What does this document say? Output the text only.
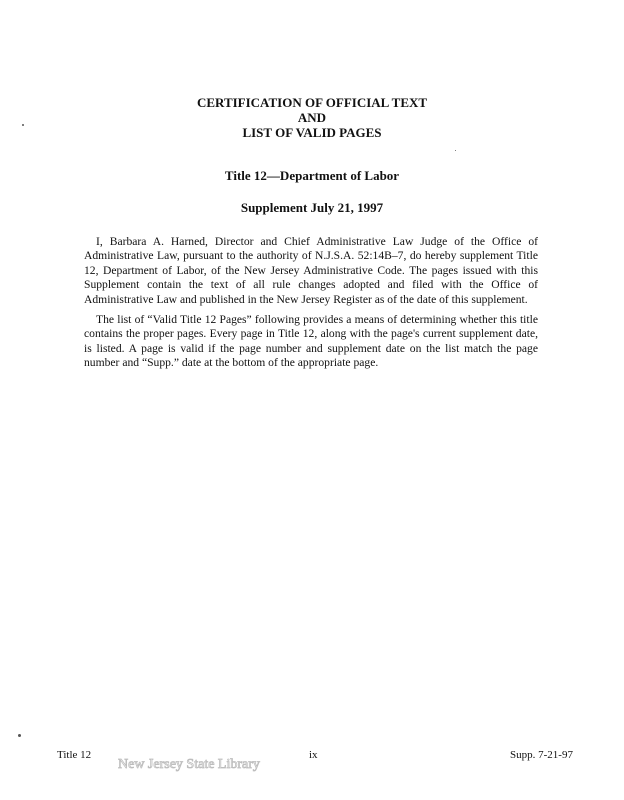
CERTIFICATION OF OFFICIAL TEXT
AND
LIST OF VALID PAGES
Title 12—Department of Labor
Supplement July 21, 1997

I, Barbara A. Harned, Director and Chief Administrative Law Judge of the Office of Administrative Law, pursuant to the authority of N.J.S.A. 52:14B–7, do hereby supplement Title 12, Department of Labor, of the New Jersey Administrative Code. The pages issued with this Supplement contain the text of all rule changes adopted and filed with the Office of Administrative Law and published in the New Jersey Register as of the date of this supplement.

The list of “Valid Title 12 Pages” following provides a means of determining whether this title contains the proper pages. Every page in Title 12, along with the page's current supplement date, is listed. A page is valid if the page number and supplement date on the list match the page number and “Supp.” date at the bottom of the appropriate page.

Title 12
New Jersey State Library
ix	Supp. 7-21-97
